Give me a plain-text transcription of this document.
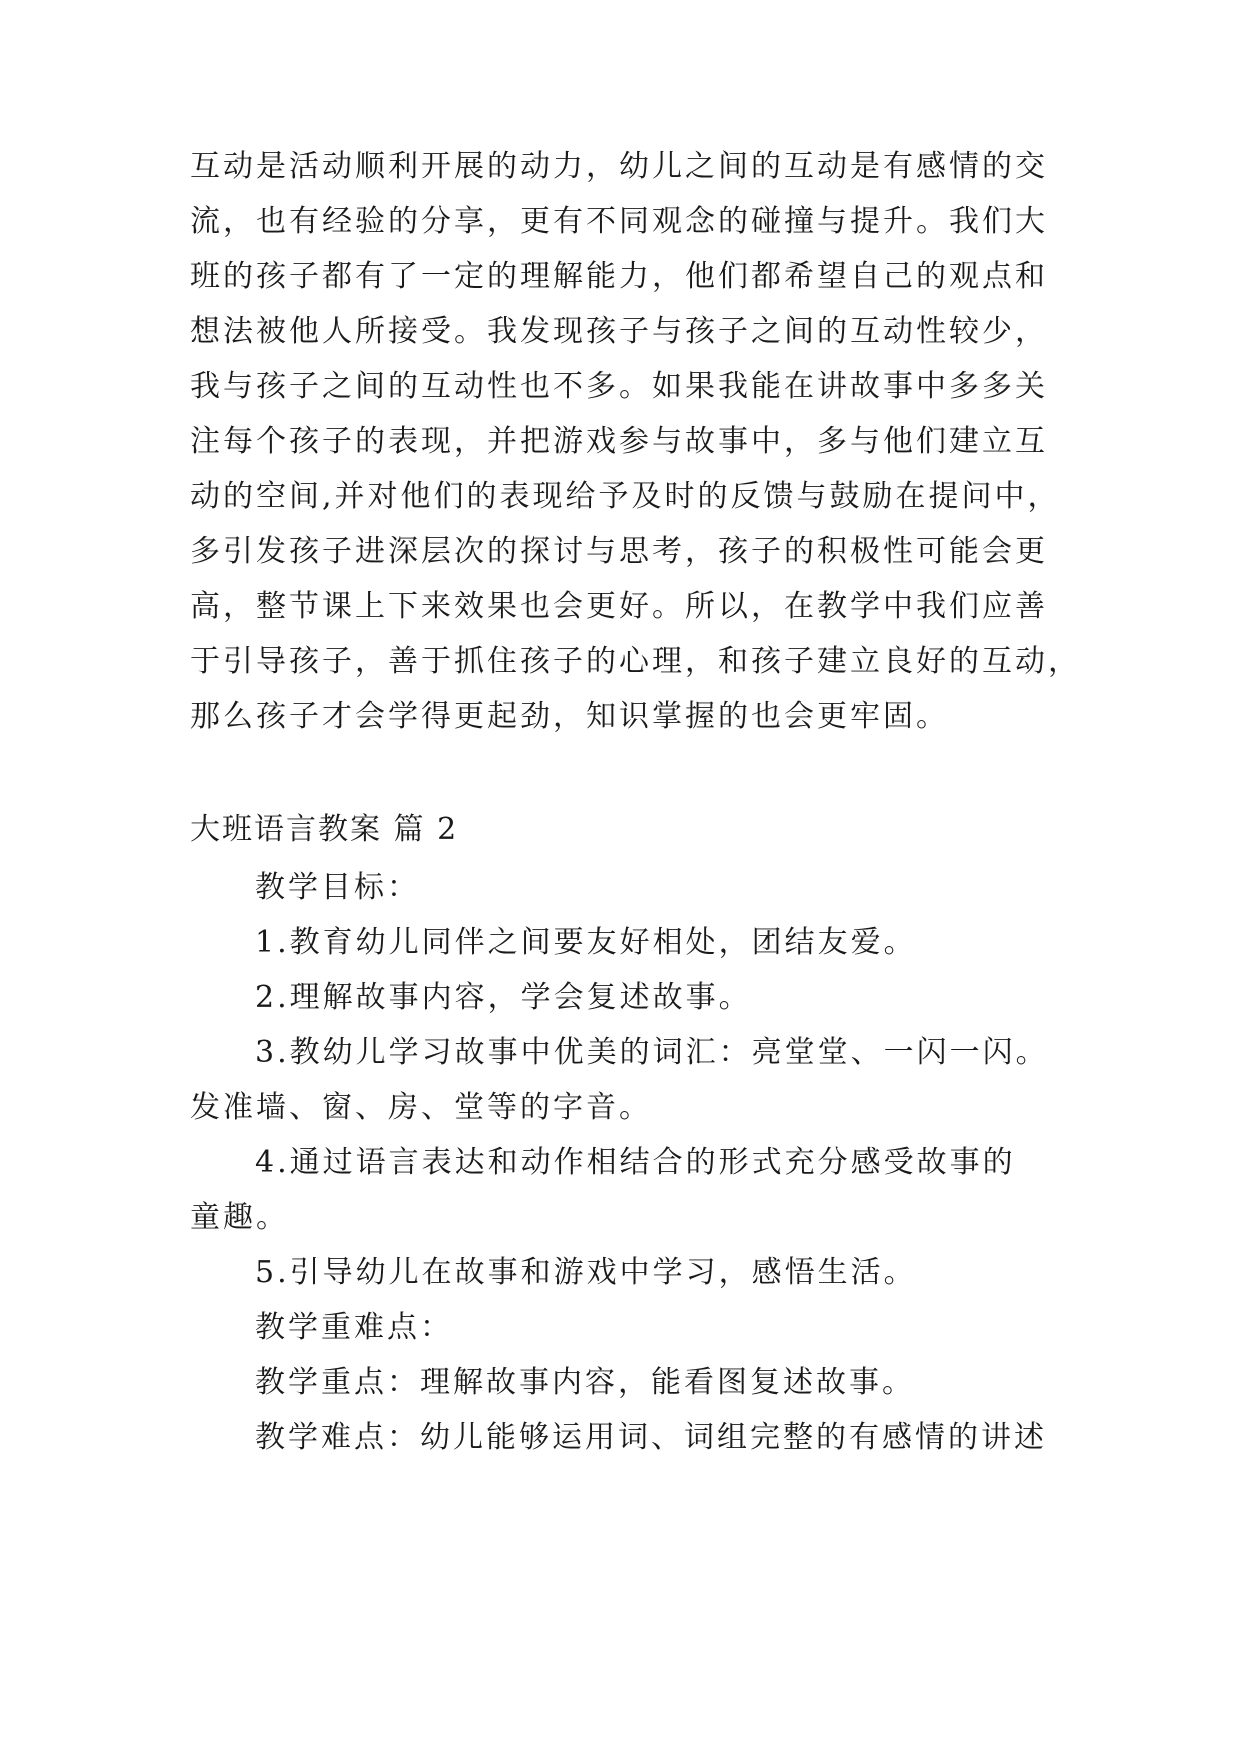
互动是活动顺利开展的动力，幼儿之间的互动是有感情的交
流，也有经验的分享，更有不同观念的碰撞与提升。我们大
班的孩子都有了一定的理解能力，他们都希望自己的观点和
想法被他人所接受。我发现孩子与孩子之间的互动性较少，
我与孩子之间的互动性也不多。如果我能在讲故事中多多关
注每个孩子的表现，并把游戏参与故事中，多与他们建立互
动的空间,并对他们的表现给予及时的反馈与鼓励在提问中，
多引发孩子进深层次的探讨与思考，孩子的积极性可能会更
高，整节课上下来效果也会更好。所以，在教学中我们应善
于引导孩子，善于抓住孩子的心理，和孩子建立良好的互动，
那么孩子才会学得更起劲，知识掌握的也会更牢固。
大班语言教案 篇 2
教学目标：
1.教育幼儿同伴之间要友好相处，团结友爱。
2.理解故事内容，学会复述故事。
3.教幼儿学习故事中优美的词汇：亮堂堂、一闪一闪。
发准墙、窗、房、堂等的字音。
4.通过语言表达和动作相结合的形式充分感受故事的
童趣。
5.引导幼儿在故事和游戏中学习，感悟生活。
教学重难点：
教学重点：理解故事内容，能看图复述故事。
教学难点：幼儿能够运用词、词组完整的有感情的讲述
